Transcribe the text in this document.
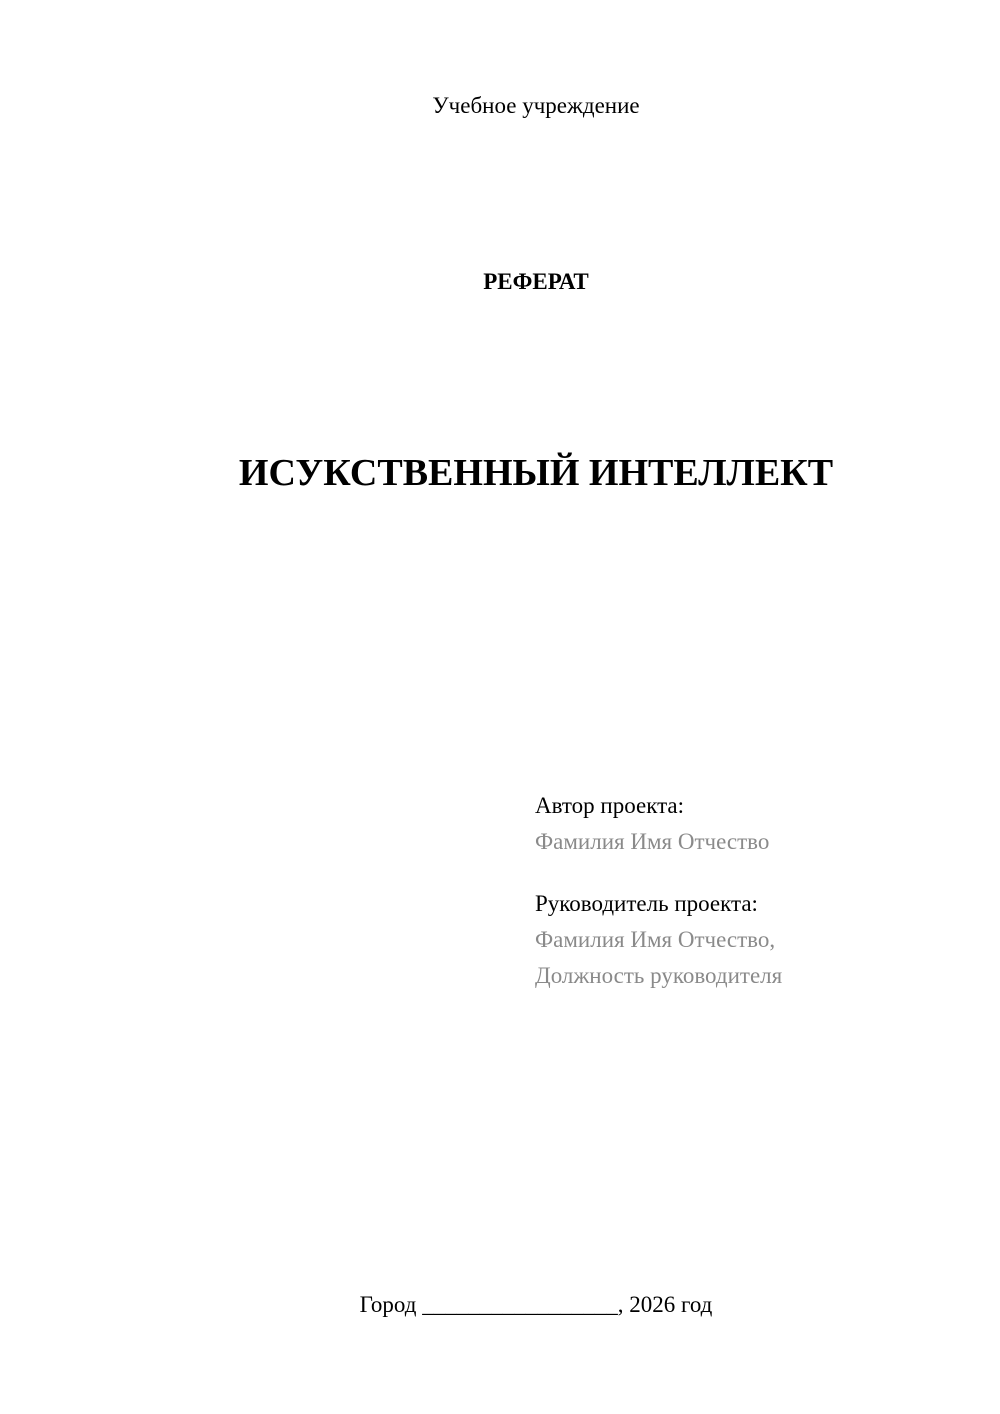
Учебное учреждение
РЕФЕРАТ
ИСУКСТВЕННЫЙ ИНТЕЛЛЕКТ
Автор проекта:
Фамилия Имя Отчество
Руководитель проекта:
Фамилия Имя Отчество,
Должность руководителя
Город _________________, 2026 год
